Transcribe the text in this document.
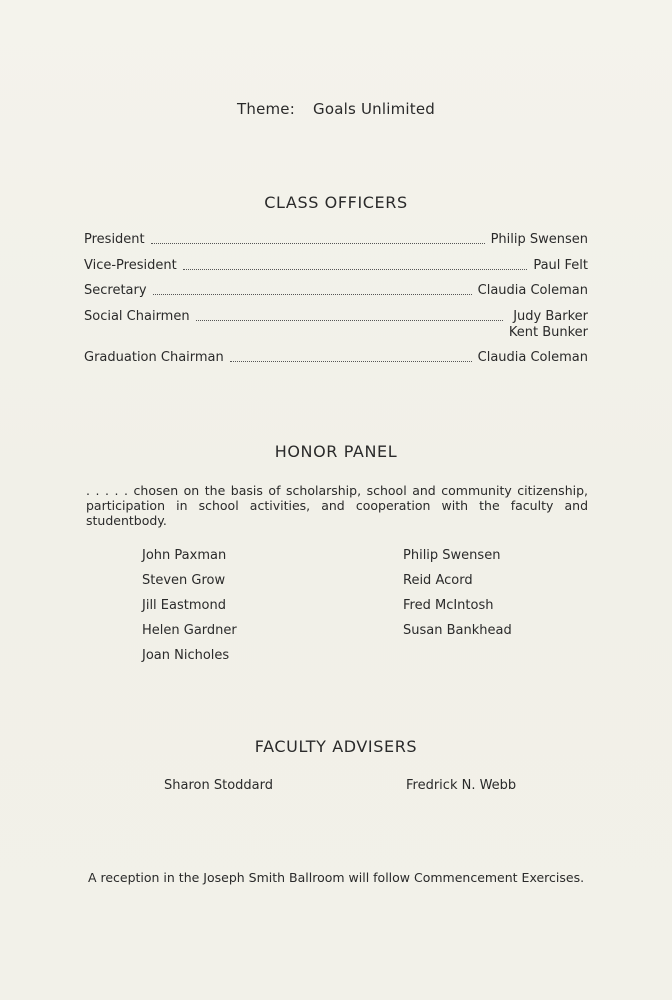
Theme: Goals Unlimited
CLASS OFFICERS
President	Philip Swensen
Vice-President	Paul Felt
Secretary	Claudia Coleman
Social Chairmen	Judy Barker
Kent Bunker
Graduation Chairman	Claudia Coleman
HONOR PANEL
. . . . . chosen on the basis of scholarship, school and community citizenship, participation in school activities, and cooperation with the faculty and studentbody.
John Paxman
Steven Grow
Jill Eastmond
Helen Gardner
Joan Nicholes
Philip Swensen
Reid Acord
Fred McIntosh
Susan Bankhead
FACULTY ADVISERS
Sharon Stoddard	Fredrick N. Webb
A reception in the Joseph Smith Ballroom will follow Commencement Exercises.
